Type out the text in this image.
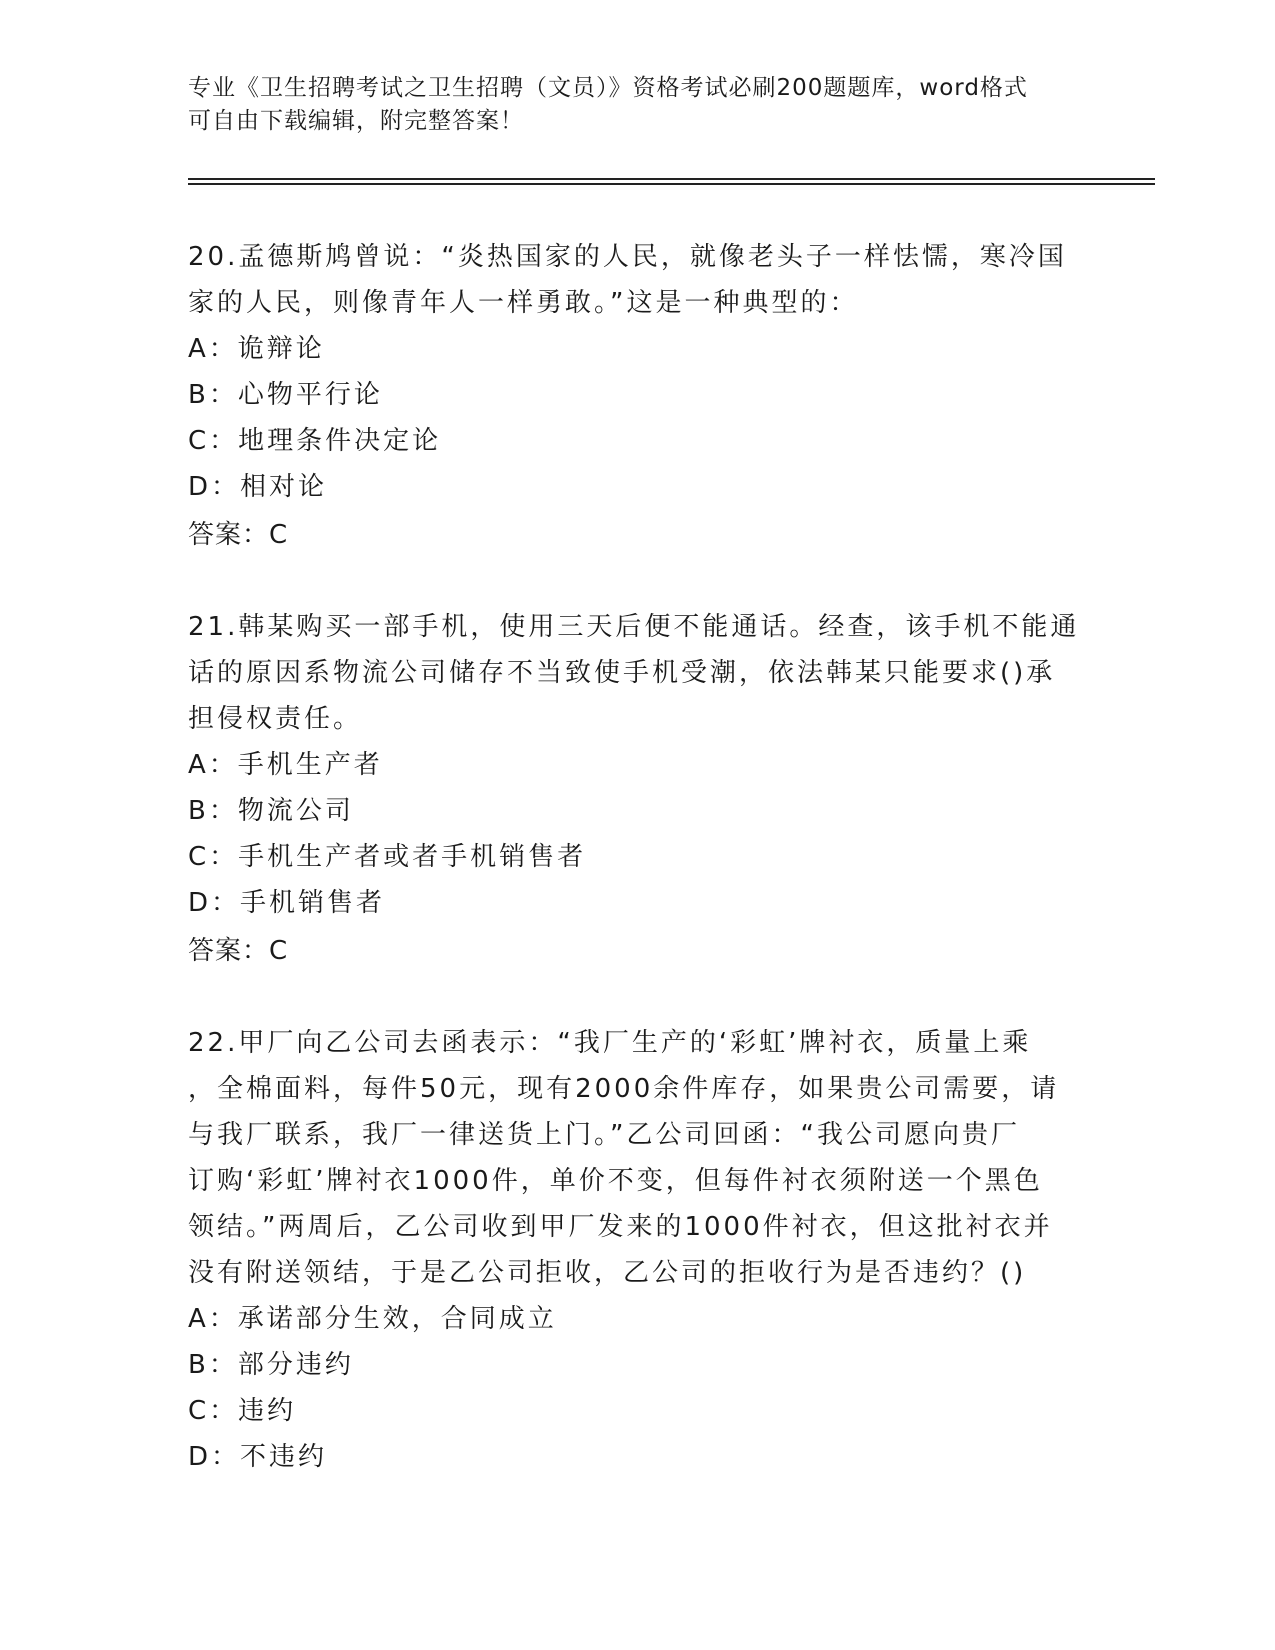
专业《卫生招聘考试之卫生招聘（文员）》资格考试必刷200题题库，word格式
可自由下载编辑，附完整答案！
20.孟德斯鸠曾说：“炎热国家的人民，就像老头子一样怯懦，寒冷国
家的人民，则像青年人一样勇敢。”这是一种典型的：
A：诡辩论
B：心物平行论
C：地理条件决定论
D：相对论
答案：C
21.韩某购买一部手机，使用三天后便不能通话。经查，该手机不能通
话的原因系物流公司储存不当致使手机受潮，依法韩某只能要求()承
担侵权责任。
A：手机生产者
B：物流公司
C：手机生产者或者手机销售者
D：手机销售者
答案：C
22.甲厂向乙公司去函表示：“我厂生产的‘彩虹’牌衬衣，质量上乘
，全棉面料，每件50元，现有2000余件库存，如果贵公司需要，请
与我厂联系，我厂一律送货上门。”乙公司回函：“我公司愿向贵厂
订购‘彩虹’牌衬衣1000件，单价不变，但每件衬衣须附送一个黑色
领结。”两周后，乙公司收到甲厂发来的1000件衬衣，但这批衬衣并
没有附送领结，于是乙公司拒收，乙公司的拒收行为是否违约？()
A：承诺部分生效，合同成立
B：部分违约
C：违约
D：不违约
